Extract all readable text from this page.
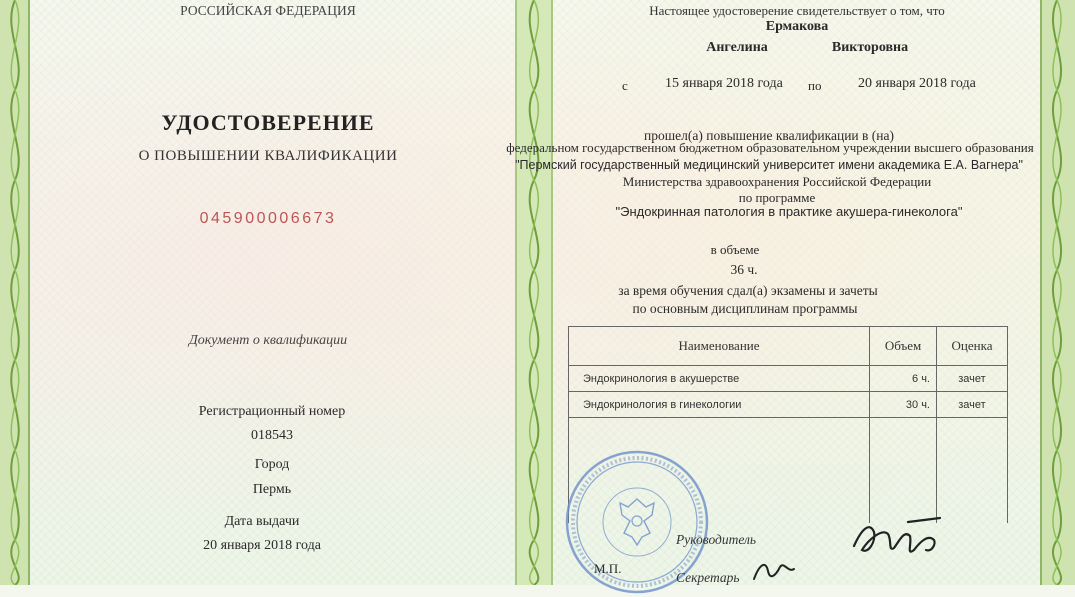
РОССИЙСКАЯ ФЕДЕРАЦИЯ
УДОСТОВЕРЕНИЕ
О ПОВЫШЕНИИ КВАЛИФИКАЦИИ
045900006673
Документ о квалификации
Регистрационный номер
018543
Город
Пермь
Дата выдачи
20 января 2018 года
Настоящее удостоверение свидетельствует о том, что
Ермакова
Ангелина	Викторовна
с	15 января 2018 года по	20 января 2018 года
прошел(а) повышение квалификации в (на)
федеральном государственном бюджетном образовательном учреждении высшего образования
"Пермский государственный медицинский университет имени академика Е.А. Вагнера"
Министерства здравоохранения Российской Федерации
по программе
"Эндокринная патология в практике акушера-гинеколога"
в объеме
36 ч.
за время обучения сдал(а) экзамены и зачеты
по основным дисциплинам программы
Наименование	Объем	Оценка
Эндокринология в акушерстве	6 ч.	зачет
Эндокринология в гинекологии	30 ч.	зачет

Руководитель
М.П.
Секретарь
